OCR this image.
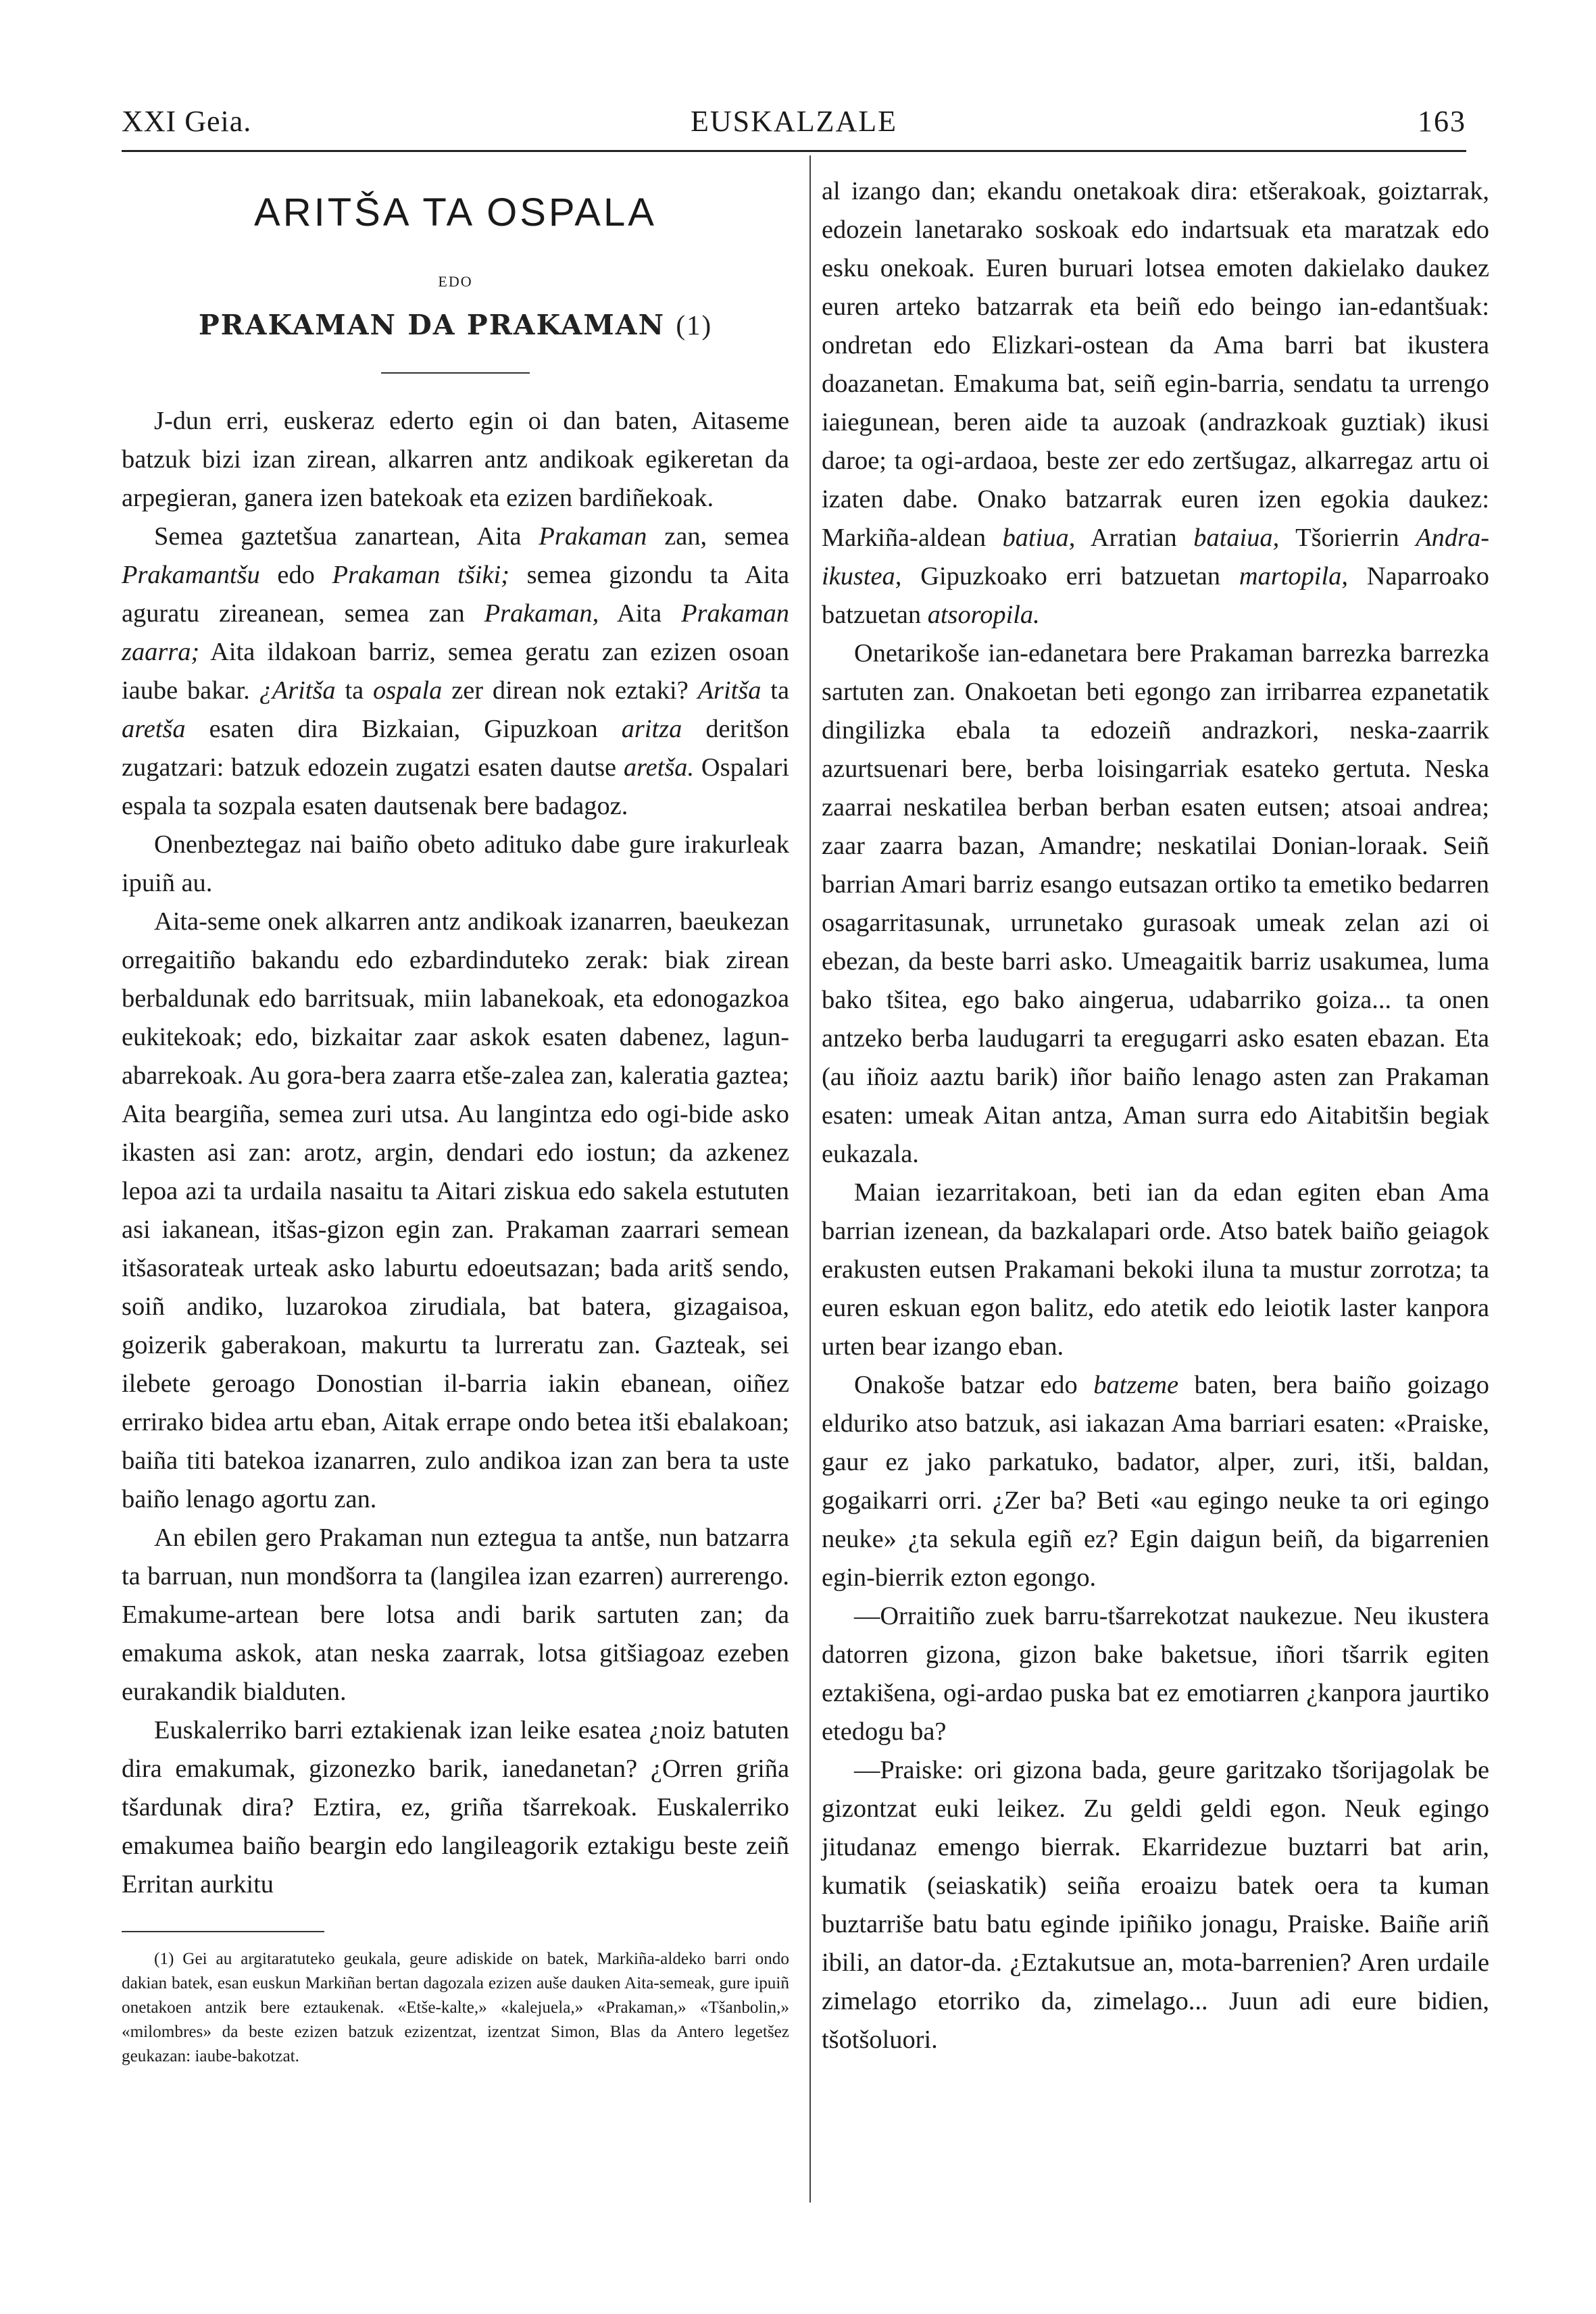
XXI Geia.	EUSKALZALE	163
ARITŠA TA OSPALA
EDO
PRAKAMAN DA PRAKAMAN (1)

J-dun erri, euskeraz ederto egin oi dan baten, Aitaseme batzuk bizi izan zirean, alkarren antz andikoak egikeretan da arpegieran, ganera izen batekoak eta ezizen bardiñekoak.

Semea gaztetšua zanartean, Aita Prakaman zan, semea Prakamantšu edo Prakaman tšiki; semea gizondu ta Aita aguratu zireanean, semea zan Prakaman, Aita Prakaman zaarra; Aita ildakoan barriz, semea geratu zan ezizen osoan iaube bakar. ¿Aritša ta ospala zer direan nok eztaki? Aritša ta aretša esaten dira Bizkaian, Gipuzkoan aritza deritšon zugatzari: batzuk edozein zugatzi esaten dautse aretša. Ospalari espala ta sozpala esaten dautsenak bere badagoz.

Onenbeztegaz nai baiño obeto adituko dabe gure irakurleak ipuiñ au.

Aita-seme onek alkarren antz andikoak izanarren, baeukezan orregaitiño bakandu edo ezbardinduteko zerak: biak zirean berbaldunak edo barritsuak, miin labanekoak, eta edonogazkoa eukitekoak; edo, bizkaitar zaar askok esaten dabenez, lagun-abarrekoak. Au gora-bera zaarra etše-zalea zan, kaleratia gaztea; Aita beargiña, semea zuri utsa. Au langintza edo ogi-bide asko ikasten asi zan: arotz, argin, dendari edo iostun; da azkenez lepoa azi ta urdaila nasaitu ta Aitari ziskua edo sakela estututen asi iakanean, itšas-gizon egin zan. Prakaman zaarrari semean itšasorateak urteak asko laburtu edoeutsazan; bada aritš sendo, soiñ andiko, luzarokoa zirudiala, bat batera, gizagaisoa, goizerik gaberakoan, makurtu ta lurreratu zan. Gazteak, sei ilebete geroago Donostian il-barria iakin ebanean, oiñez errirako bidea artu eban, Aitak errape ondo betea itši ebalakoan; baiña titi batekoa izanarren, zulo andikoa izan zan bera ta uste baiño lenago agortu zan.

An ebilen gero Prakaman nun eztegua ta antše, nun batzarra ta barruan, nun mondšorra ta (langilea izan ezarren) aurrerengo. Emakume-artean bere lotsa andi barik sartuten zan; da emakuma askok, atan neska zaarrak, lotsa gitšiagoaz ezeben eurakandik bialduten.

Euskalerriko barri eztakienak izan leike esatea ¿noiz batuten dira emakumak, gizonezko barik, ianedanetan? ¿Orren griña tšardunak dira? Eztira, ez, griña tšarrekoak. Euskalerriko emakumea baiño beargin edo langileagorik eztakigu beste zeiñ Erritan aurkitu

(1) Gei au argitaratuteko geukala, geure adiskide on batek, Markiña-aldeko barri ondo dakian batek, esan euskun Markiñan bertan dagozala ezizen auše dauken Aita-semeak, gure ipuiñ onetakoen antzik bere eztaukenak. «Etše-kalte,» «kalejuela,» «Prakaman,» «Tšanbolin,» «milombres» da beste ezizen batzuk ezizentzat, izentzat Simon, Blas da Antero legetšez geukazan: iaube-bakotzat.

al izango dan; ekandu onetakoak dira: etšerakoak, goiztarrak, edozein lanetarako soskoak edo indartsuak eta maratzak edo esku onekoak. Euren buruari lotsea emoten dakielako daukez euren arteko batzarrak eta beiñ edo beingo ian-edantšuak: ondretan edo Elizkari-ostean da Ama barri bat ikustera doazanetan. Emakuma bat, seiñ egin-barria, sendatu ta urrengo iaiegunean, beren aide ta auzoak (andrazkoak guztiak) ikusi daroe; ta ogi-ardaoa, beste zer edo zertšugaz, alkarregaz artu oi izaten dabe. Onako batzarrak euren izen egokia daukez: Markiña-aldean batiua, Arratian bataiua, Tšorierrin Andra-ikustea, Gipuzkoako erri batzuetan martopila, Naparroako batzuetan atsoropila.

Onetarikoše ian-edanetara bere Prakaman barrezka barrezka sartuten zan. Onakoetan beti egongo zan irribarrea ezpanetatik dingilizka ebala ta edozeiñ andrazkori, neska-zaarrik azurtsuenari bere, berba loisingarriak esateko gertuta. Neska zaarrai neskatilea berban berban esaten eutsen; atsoai andrea; zaar zaarra bazan, Amandre; neskatilai Donian-loraak. Seiñ barrian Amari barriz esango eutsazan ortiko ta emetiko bedarren osagarritasunak, urrunetako gurasoak umeak zelan azi oi ebezan, da beste barri asko. Umeagaitik barriz usakumea, luma bako tšitea, ego bako aingerua, udabarriko goiza... ta onen antzeko berba laudugarri ta eregugarri asko esaten ebazan. Eta (au iñoiz aaztu barik) iñor baiño lenago asten zan Prakaman esaten: umeak Aitan antza, Aman surra edo Aitabitšin begiak eukazala.

Maian iezarritakoan, beti ian da edan egiten eban Ama barrian izenean, da bazkalapari orde. Atso batek baiño geiagok erakusten eutsen Prakamani bekoki iluna ta mustur zorrotza; ta euren eskuan egon balitz, edo atetik edo leiotik laster kanpora urten bear izango eban.

Onakoše batzar edo batzeme baten, bera baiño goizago elduriko atso batzuk, asi iakazan Ama barriari esaten: «Praiske, gaur ez jako parkatuko, badator, alper, zuri, itši, baldan, gogaikarri orri. ¿Zer ba? Beti «au egingo neuke ta ori egingo neuke» ¿ta sekula egiñ ez? Egin daigun beiñ, da bigarrenien egin-bierrik ezton egongo.

—Orraitiño zuek barru-tšarrekotzat naukezue. Neu ikustera datorren gizona, gizon bake baketsue, iñori tšarrik egiten eztakišena, ogi-ardao puska bat ez emotiarren ¿kanpora jaurtiko etedogu ba?

—Praiske: ori gizona bada, geure garitzako tšorijagolak be gizontzat euki leikez. Zu geldi geldi egon. Neuk egingo jitudanaz emengo bierrak. Ekarridezue buztarri bat arin, kumatik (seiaskatik) seiña eroaizu batek oera ta kuman buztarriše batu batu eginde ipiñiko jonagu, Praiske. Baiñe ariñ ibili, an dator-da. ¿Eztakutsue an, mota-barrenien? Aren urdaile zimelago etorriko da, zimelago... Juun adi eure bidien, tšotšoluori.
